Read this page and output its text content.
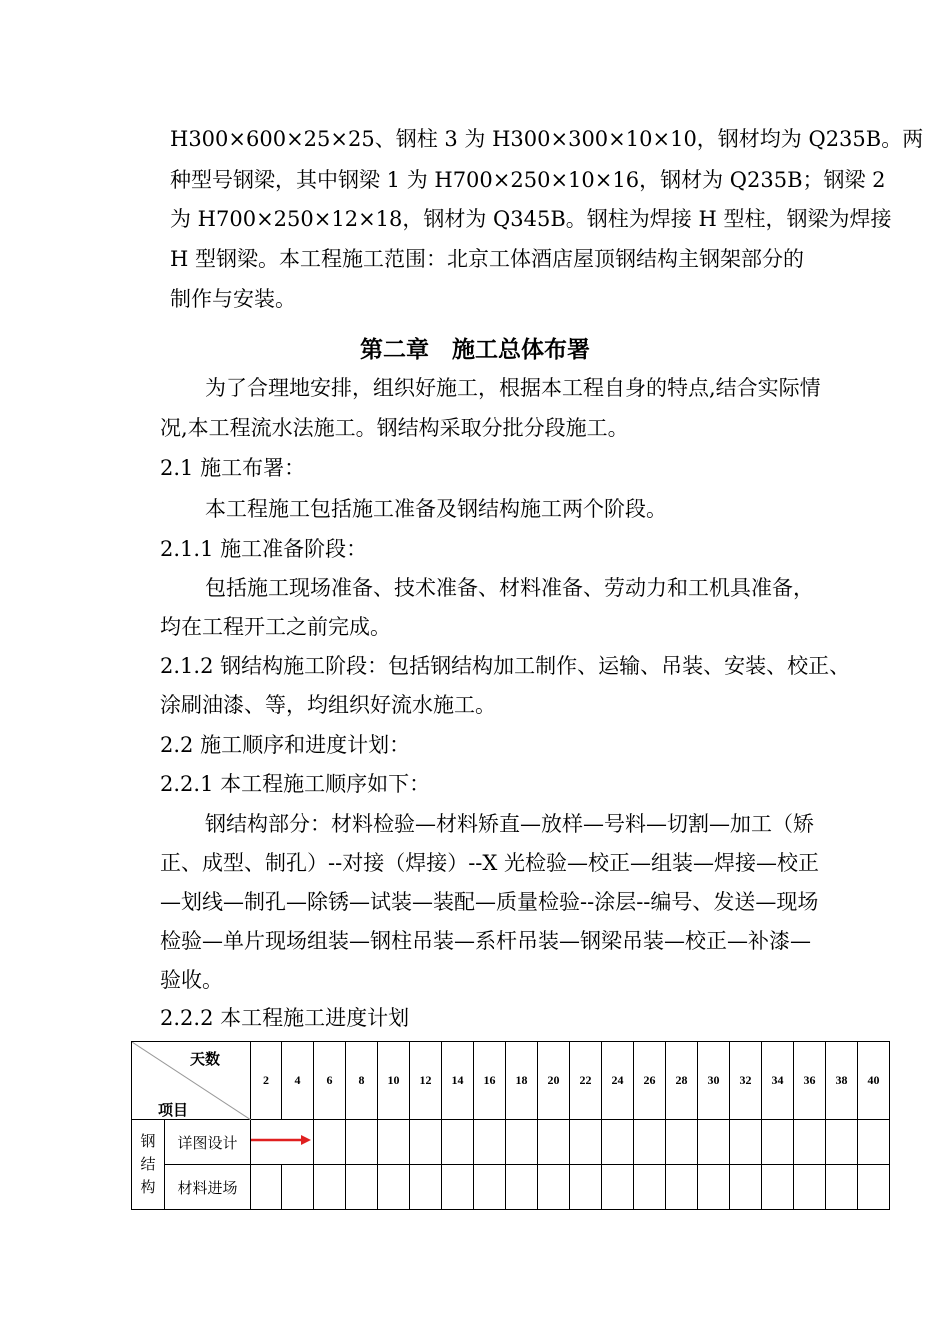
H300×600×25×25、钢柱 3 为 H300×300×10×10，钢材均为 Q235B。两
种型号钢梁，其中钢梁 1 为 H700×250×10×16，钢材为 Q235B；钢梁 2
为 H700×250×12×18，钢材为 Q345B。钢柱为焊接 H 型柱，钢梁为焊接
H 型钢梁。本工程施工范围：北京工体酒店屋顶钢结构主钢架部分的
制作与安装。
第二章　施工总体布署
为了合理地安排，组织好施工，根据本工程自身的特点,结合实际情
况,本工程流水法施工。钢结构采取分批分段施工。
2.1 施工布署：
本工程施工包括施工准备及钢结构施工两个阶段。
2.1.1 施工准备阶段：
包括施工现场准备、技术准备、材料准备、劳动力和工机具准备，
均在工程开工之前完成。
2.1.2 钢结构施工阶段：包括钢结构加工制作、运输、吊装、安装、校正、
涂刷油漆、等，均组织好流水施工。
2.2 施工顺序和进度计划：
2.2.1 本工程施工顺序如下：
钢结构部分：材料检验—材料矫直—放样—号料—切割—加工（矫
正、成型、制孔）--对接（焊接）--X 光检验—校正—组装—焊接—校正
—划线—制孔—除锈—试装—装配—质量检验--涂层--编号、发送—现场
检验—单片现场组装—钢柱吊装—系杆吊装—钢梁吊装—校正—补漆—
验收。
2.2.2 本工程施工进度计划
天数
项目		2	4	6	8	10	12	14	16	18	20	22	24	26	28	30	32	34	36	38	40

钢
结
构	详图设计	

	材料进场																				
